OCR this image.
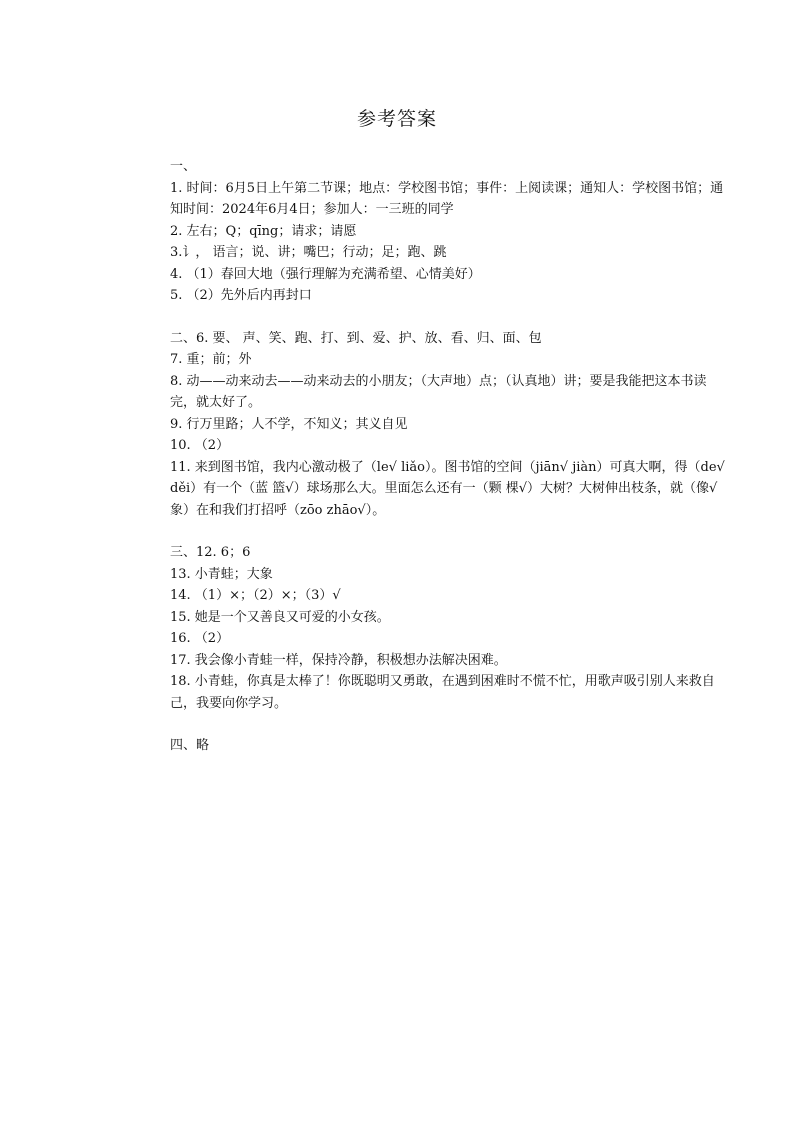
参考答案

一、

1. 时间：6月5日上午第二节课；地点：学校图书馆；事件：上阅读课；通知人：学校图书馆；通知时间：2024年6月4日；参加人：一三班的同学

2. 左右；Q；qīng；请求；请愿

3.讠， 语言；说、讲；嘴巴；行动；足；跑、跳

4. （1）春回大地（强行理解为充满希望、心情美好）

5. （2）先外后内再封口

二、6. 要、 声、笑、跑、打、到、爱、护、放、看、归、面、包

7. 重；前；外

8. 动——动来动去——动来动去的小朋友；（大声地）点；（认真地）讲；要是我能把这本书读完，就太好了。

9. 行万里路；人不学，不知义；其义自见

10. （2）

11. 来到图书馆，我内心激动极了（le√ liǎo）。图书馆的空间（jiān√ jiàn）可真大啊，得（de√ děi）有一个（蓝 篮√）球场那么大。里面怎么还有一（颗 棵√）大树？大树伸出枝条，就（像√ 象）在和我们打招呼（zōo zhāo√）。

三、12. 6；6

13. 小青蛙；大象

14. （1）×；（2）×；（3）√

15. 她是一个又善良又可爱的小女孩。

16. （2）

17. 我会像小青蛙一样，保持冷静，积极想办法解决困难。

18. 小青蛙，你真是太棒了！你既聪明又勇敢，在遇到困难时不慌不忙，用歌声吸引别人来救自己，我要向你学习。

四、略
